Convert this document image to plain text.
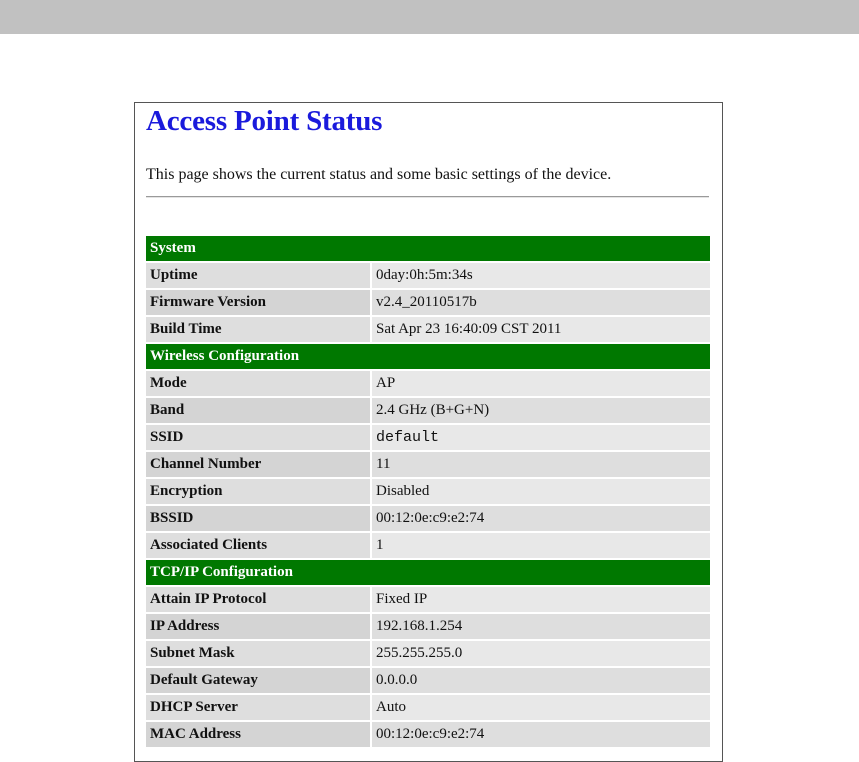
Access Point Status

This page shows the current status and some basic settings of the device.

System
Uptime	0day:0h:5m:34s
Firmware Version	v2.4_20110517b
Build Time	Sat Apr 23 16:40:09 CST 2011
Wireless Configuration
Mode	AP
Band	2.4 GHz (B+G+N)
SSID	default
Channel Number	11
Encryption	Disabled
BSSID	00:12:0e:c9:e2:74
Associated Clients	1
TCP/IP Configuration
Attain IP Protocol	Fixed IP
IP Address	192.168.1.254
Subnet Mask	255.255.255.0
Default Gateway	0.0.0.0
DHCP Server	Auto
MAC Address	00:12:0e:c9:e2:74
